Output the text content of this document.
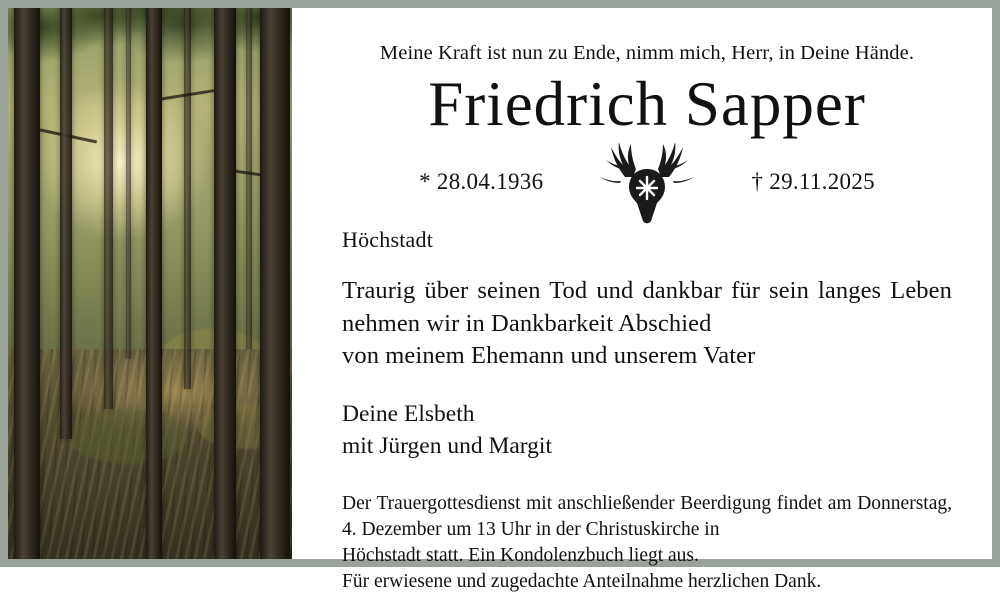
Meine Kraft ist nun zu Ende, nimm mich, Herr, in Deine Hände.

Friedrich Sapper
* 28.04.1936	† 29.11.2025

Höchstadt

Traurig über seinen Tod und dankbar für sein langes Leben nehmen wir in Dankbarkeit Abschied
von meinem Ehemann und unserem Vater

Deine Elsbeth
mit Jürgen und Margit

Der Trauergottesdienst mit anschließender Beerdigung findet am Donnerstag, 4. Dezember um 13 Uhr in der Christuskirche in
Höchstadt statt. Ein Kondolenzbuch liegt aus.

Für erwiesene und zugedachte Anteilnahme herzlichen Dank.
